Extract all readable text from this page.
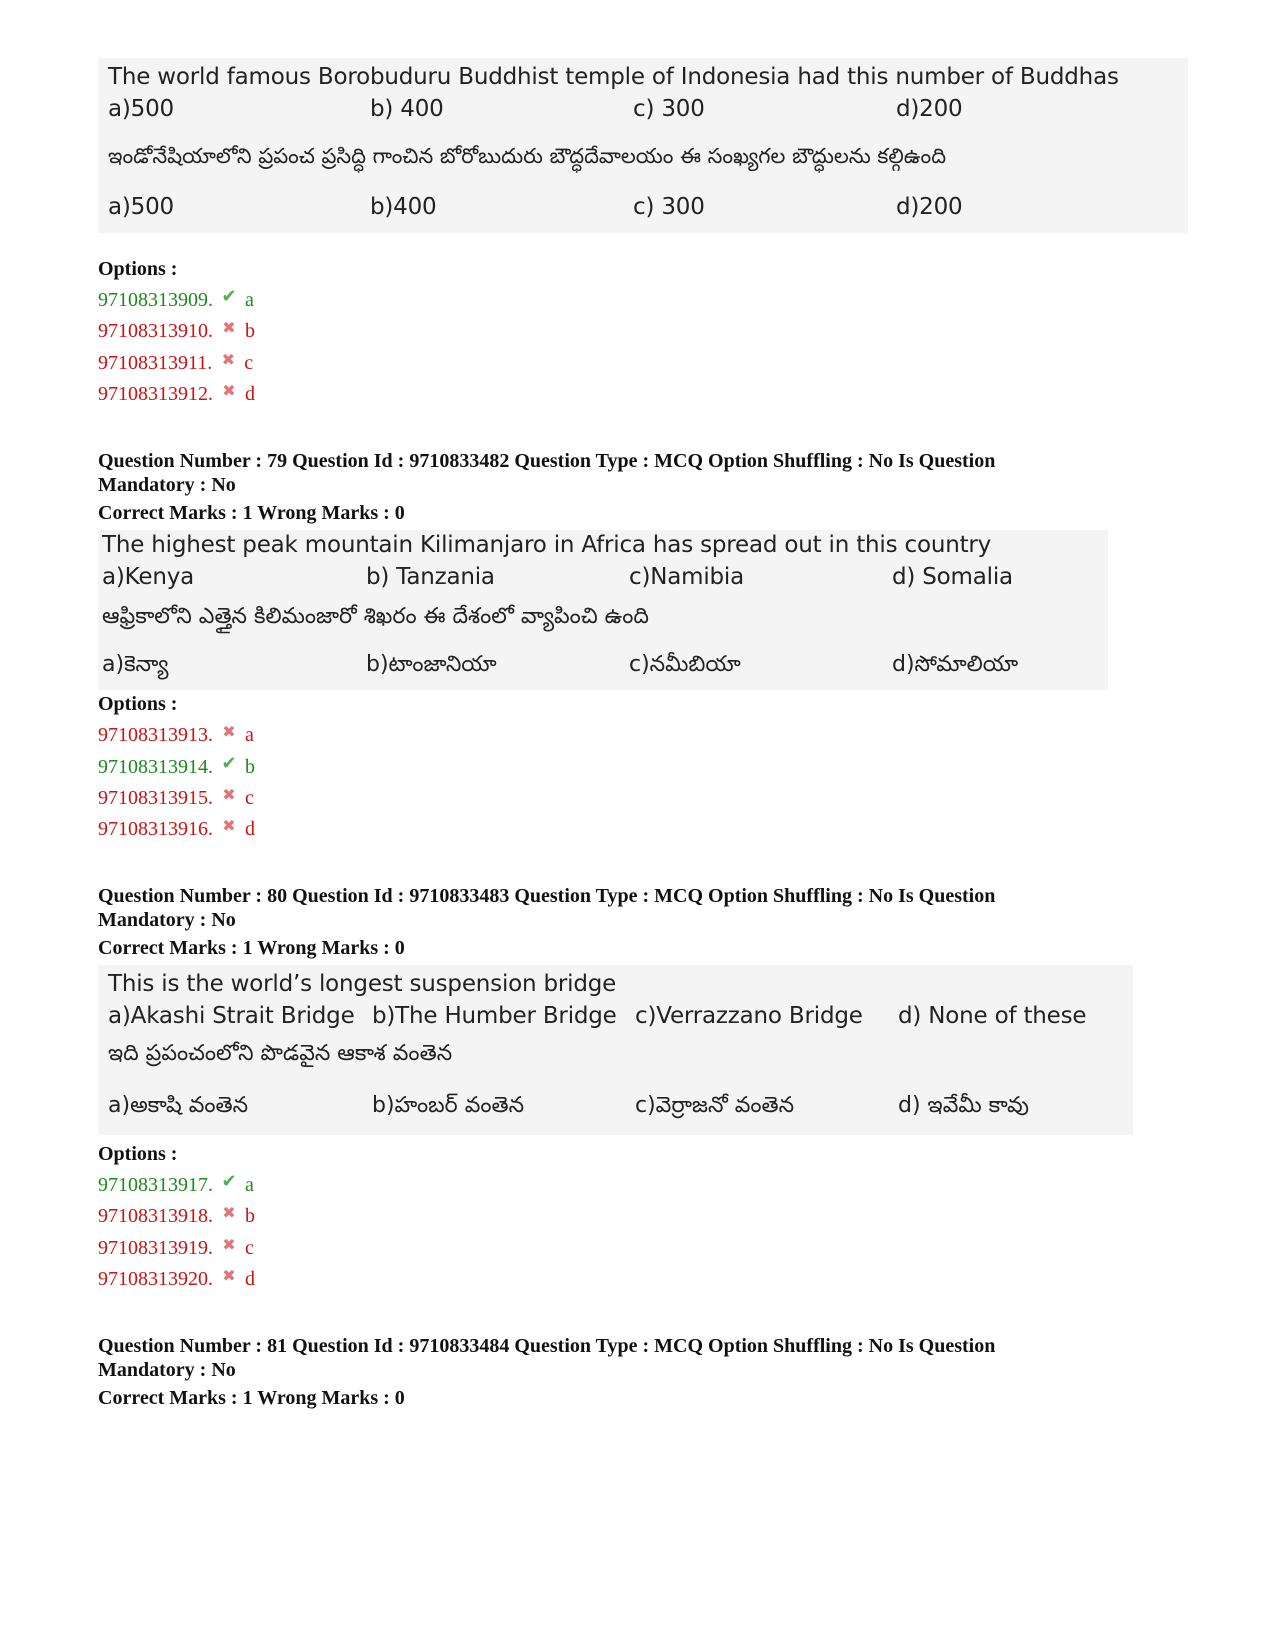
The world famous Borobuduru Buddhist temple of Indonesia had this number of Buddhas
a)500	b) 400	c) 300	d)200
ఇండోనేషియాలోని ప్రపంచ ప్రసిద్ధి గాంచిన బోరోబుదురు బౌద్ధదేవాలయం ఈ సంఖ్యగల బౌద్ధులను కల్గిఉంది
a)500	b)400	c) 300	d)200
Options :
97108313909. ✔ a
97108313910. ✖ b
97108313911. ✖ c
97108313912. ✖ d
Question Number : 79 Question Id : 9710833482 Question Type : MCQ Option Shuffling : No Is Question
Mandatory : No
Correct Marks : 1 Wrong Marks : 0
The highest peak mountain Kilimanjaro in Africa has spread out in this country
a)Kenya	b) Tanzania	c)Namibia	d) Somalia
ఆఫ్రికాలోని ఎత్తైన కిలిమంజారో శిఖరం ఈ దేశంలో వ్యాపించి ఉంది
a)కెన్యా	b)టాంజానియా	c)నమీబియా	d)సోమాలియా
Options :
97108313913. ✖ a
97108313914. ✔ b
97108313915. ✖ c
97108313916. ✖ d
Question Number : 80 Question Id : 9710833483 Question Type : MCQ Option Shuffling : No Is Question
Mandatory : No
Correct Marks : 1 Wrong Marks : 0
This is the world’s longest suspension bridge
a)Akashi Strait Bridge b)The Humber Bridge c)Verrazzano Bridge d) None of these
ఇది ప్రపంచంలోని పొడవైన ఆకాశ వంతెన
a)అకాషి వంతెన	b)హంబర్ వంతెన	c)వెర్రాజనో వంతెన	d) ఇవేమీ కావు
Options :
97108313917. ✔ a
97108313918. ✖ b
97108313919. ✖ c
97108313920. ✖ d
Question Number : 81 Question Id : 9710833484 Question Type : MCQ Option Shuffling : No Is Question
Mandatory : No
Correct Marks : 1 Wrong Marks : 0
